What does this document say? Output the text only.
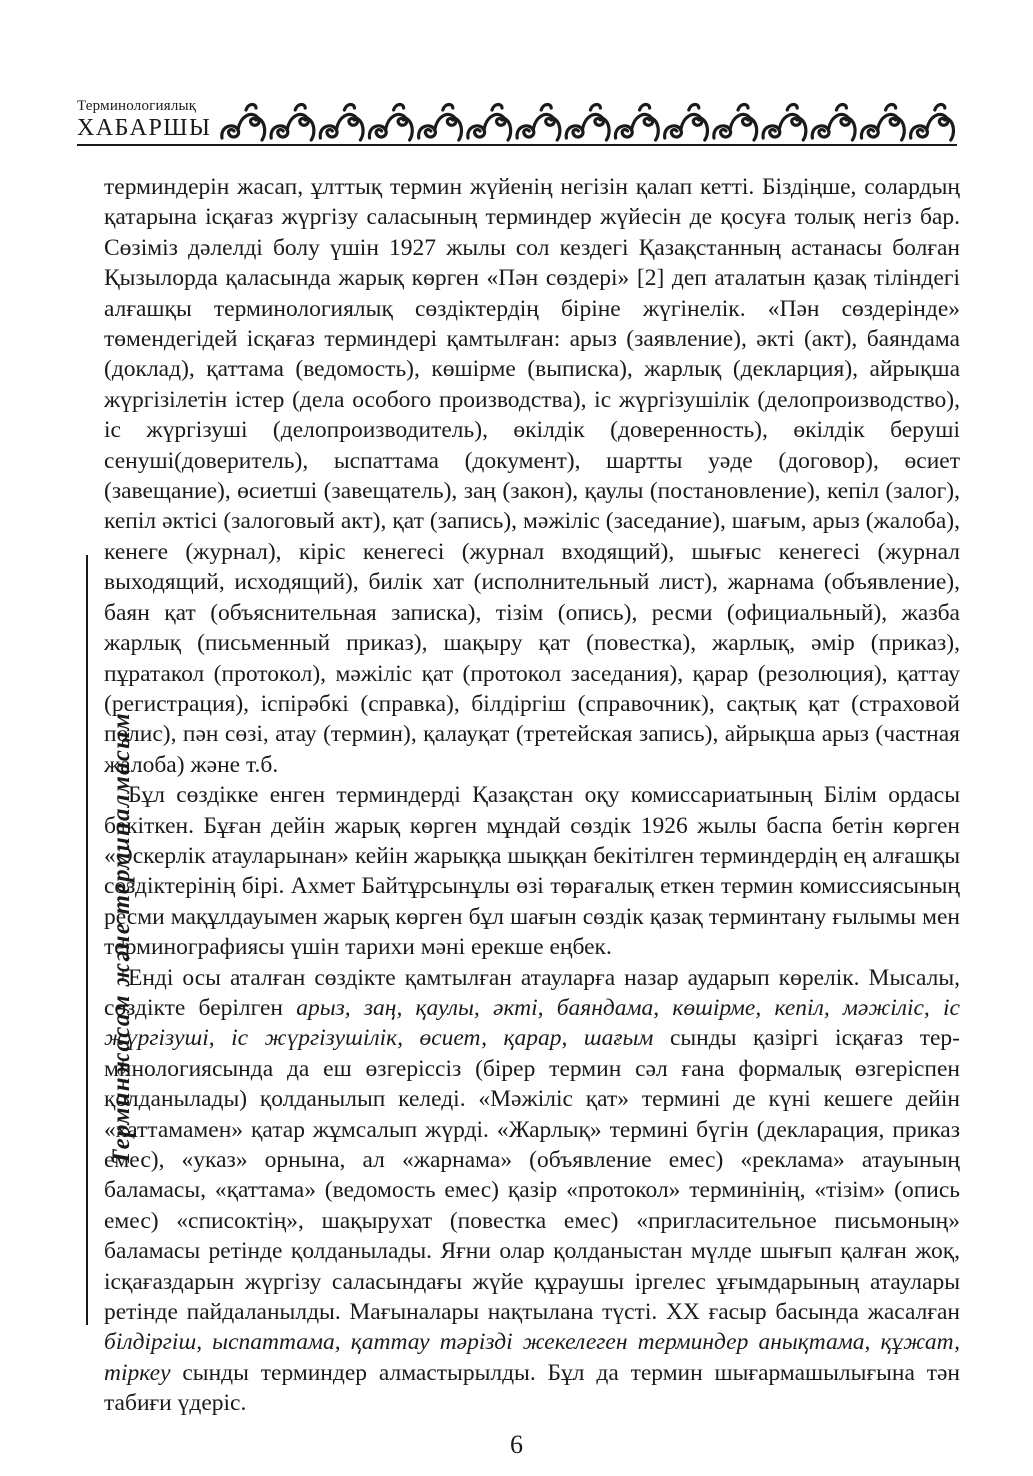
Терминологиялық
ХАБАРШЫ
Терминжасам және терминалмасым

терминдерін жасап, ұлттық термин жүйенің негізін қалап кетті. Біздіңше, солардың қатарына ісқағаз жүргізу саласының терминдер жүйесін де қосуға толық негіз бар. Сөзіміз дәлелді болу үшін 1927 жылы сол кездегі Қазақстанның астанасы болған Қызылорда қаласында жарық көрген «Пән сөздері» [2] деп аталатын қазақ тіліндегі алғашқы терминологиялық сөздіктердің біріне жүгінелік. «Пән сөздерінде» төмендегідей ісқағаз терминдері қамтылған: арыз (заявление), әкті (акт), баяндама (доклад), қаттама (ведомость), көшірме (выписка), жарлық (декларция), айрықша жүргізілетін істер (дела особого производства), іс жүргізушілік (делопроизводство), іс жүргізуші (делопроизводитель), өкілдік (доверенность), өкілдік беруші сенуші(доверитель), ыспаттама (документ), шартты уәде (договор), өсиет (завещание), өсиетші (завещатель), заң (закон), қаулы (постановление), кепіл (залог), кепіл әктісі (залоговый акт), қат (запись), мәжіліс (заседание), шағым, арыз (жалоба), кенеге (журнал), кіріс кенегесі (журнал входящий), шығыс кенегесі (журнал выходящий, исходящий), билік хат (исполнительный лист), жарнама (объявление), баян қат (объяснительная записка), тізім (опись), ресми (официальный), жазба жарлық (письменный приказ), шақыру қат (повестка), жарлық, әмір (приказ), пұратакол (протокол), мәжіліс қат (протокол заседания), қарар (резолюция), қаттау (регистрация), іспірәбкі (справка), білдіргіш (справочник), сақтық қат (страховой полис), пән сөзі, атау (термин), қалауқат (третейская запись), айрықша арыз (частная жалоба) және т.б.

Бұл сөздікке енген терминдерді Қазақстан оқу комиссариатының Білім ордасы бекіткен. Бұған дейін жарық көрген мұндай сөздік 1926 жылы баспа бетін көрген «Әскерлік атауларынан» кейін жарыққа шыққан бекітілген терминдердің ең алғашқы сөздіктерінің бірі. Ахмет Байтұрсынұлы өзі төрағалық еткен термин комиссиясының ресми мақұлдауымен жарық көрген бұл шағын сөздік қазақ терминтану ғылымы мен терминографиясы үшін тарихи мәні ерекше еңбек.

Енді осы аталған сөздікте қамтылған атауларға назар аударып көрелік. Мысалы, сөздікте берілген арыз, заң, қаулы, әкті, баяндама, көшірме, кепіл, мәжіліс, іс жүргізуші, іс жүргізушілік, өсиет, қарар, шағым сынды қазіргі ісқағаз терминологиясында да еш өзгеріссіз (бірер термин сәл ғана формалық өзгеріспен қолданылады) қолданылып келеді. «Мәжіліс қат» термині де күні кешеге дейін «хаттамамен» қатар жұмсалып жүрді. «Жарлық» термині бүгін (декларация, приказ емес), «указ» орнына, ал «жарнама» (объявление емес) «реклама» атауының баламасы, «қаттама» (ведомость емес) қазір «протокол» терминінің, «тізім» (опись емес) «списоктің», шақырухат (повестка емес) «пригласительное письмоның» баламасы ретінде қолданылады. Яғни олар қолданыстан мүлде шығып қалған жоқ, ісқағаздарын жүргізу саласындағы жүйе құраушы іргелес ұғымдарының атаулары ретінде пайдаланылды. Мағыналары нақтылана түсті. XX ғасыр басында жасалған білдіргіш, ыспаттама, қаттау тәрізді жекелеген терминдер анықтама, құжат, тіркеу сынды терминдер алмастырылды. Бұл да термин шығармашылығына тән табиғи үдеріс.

6
